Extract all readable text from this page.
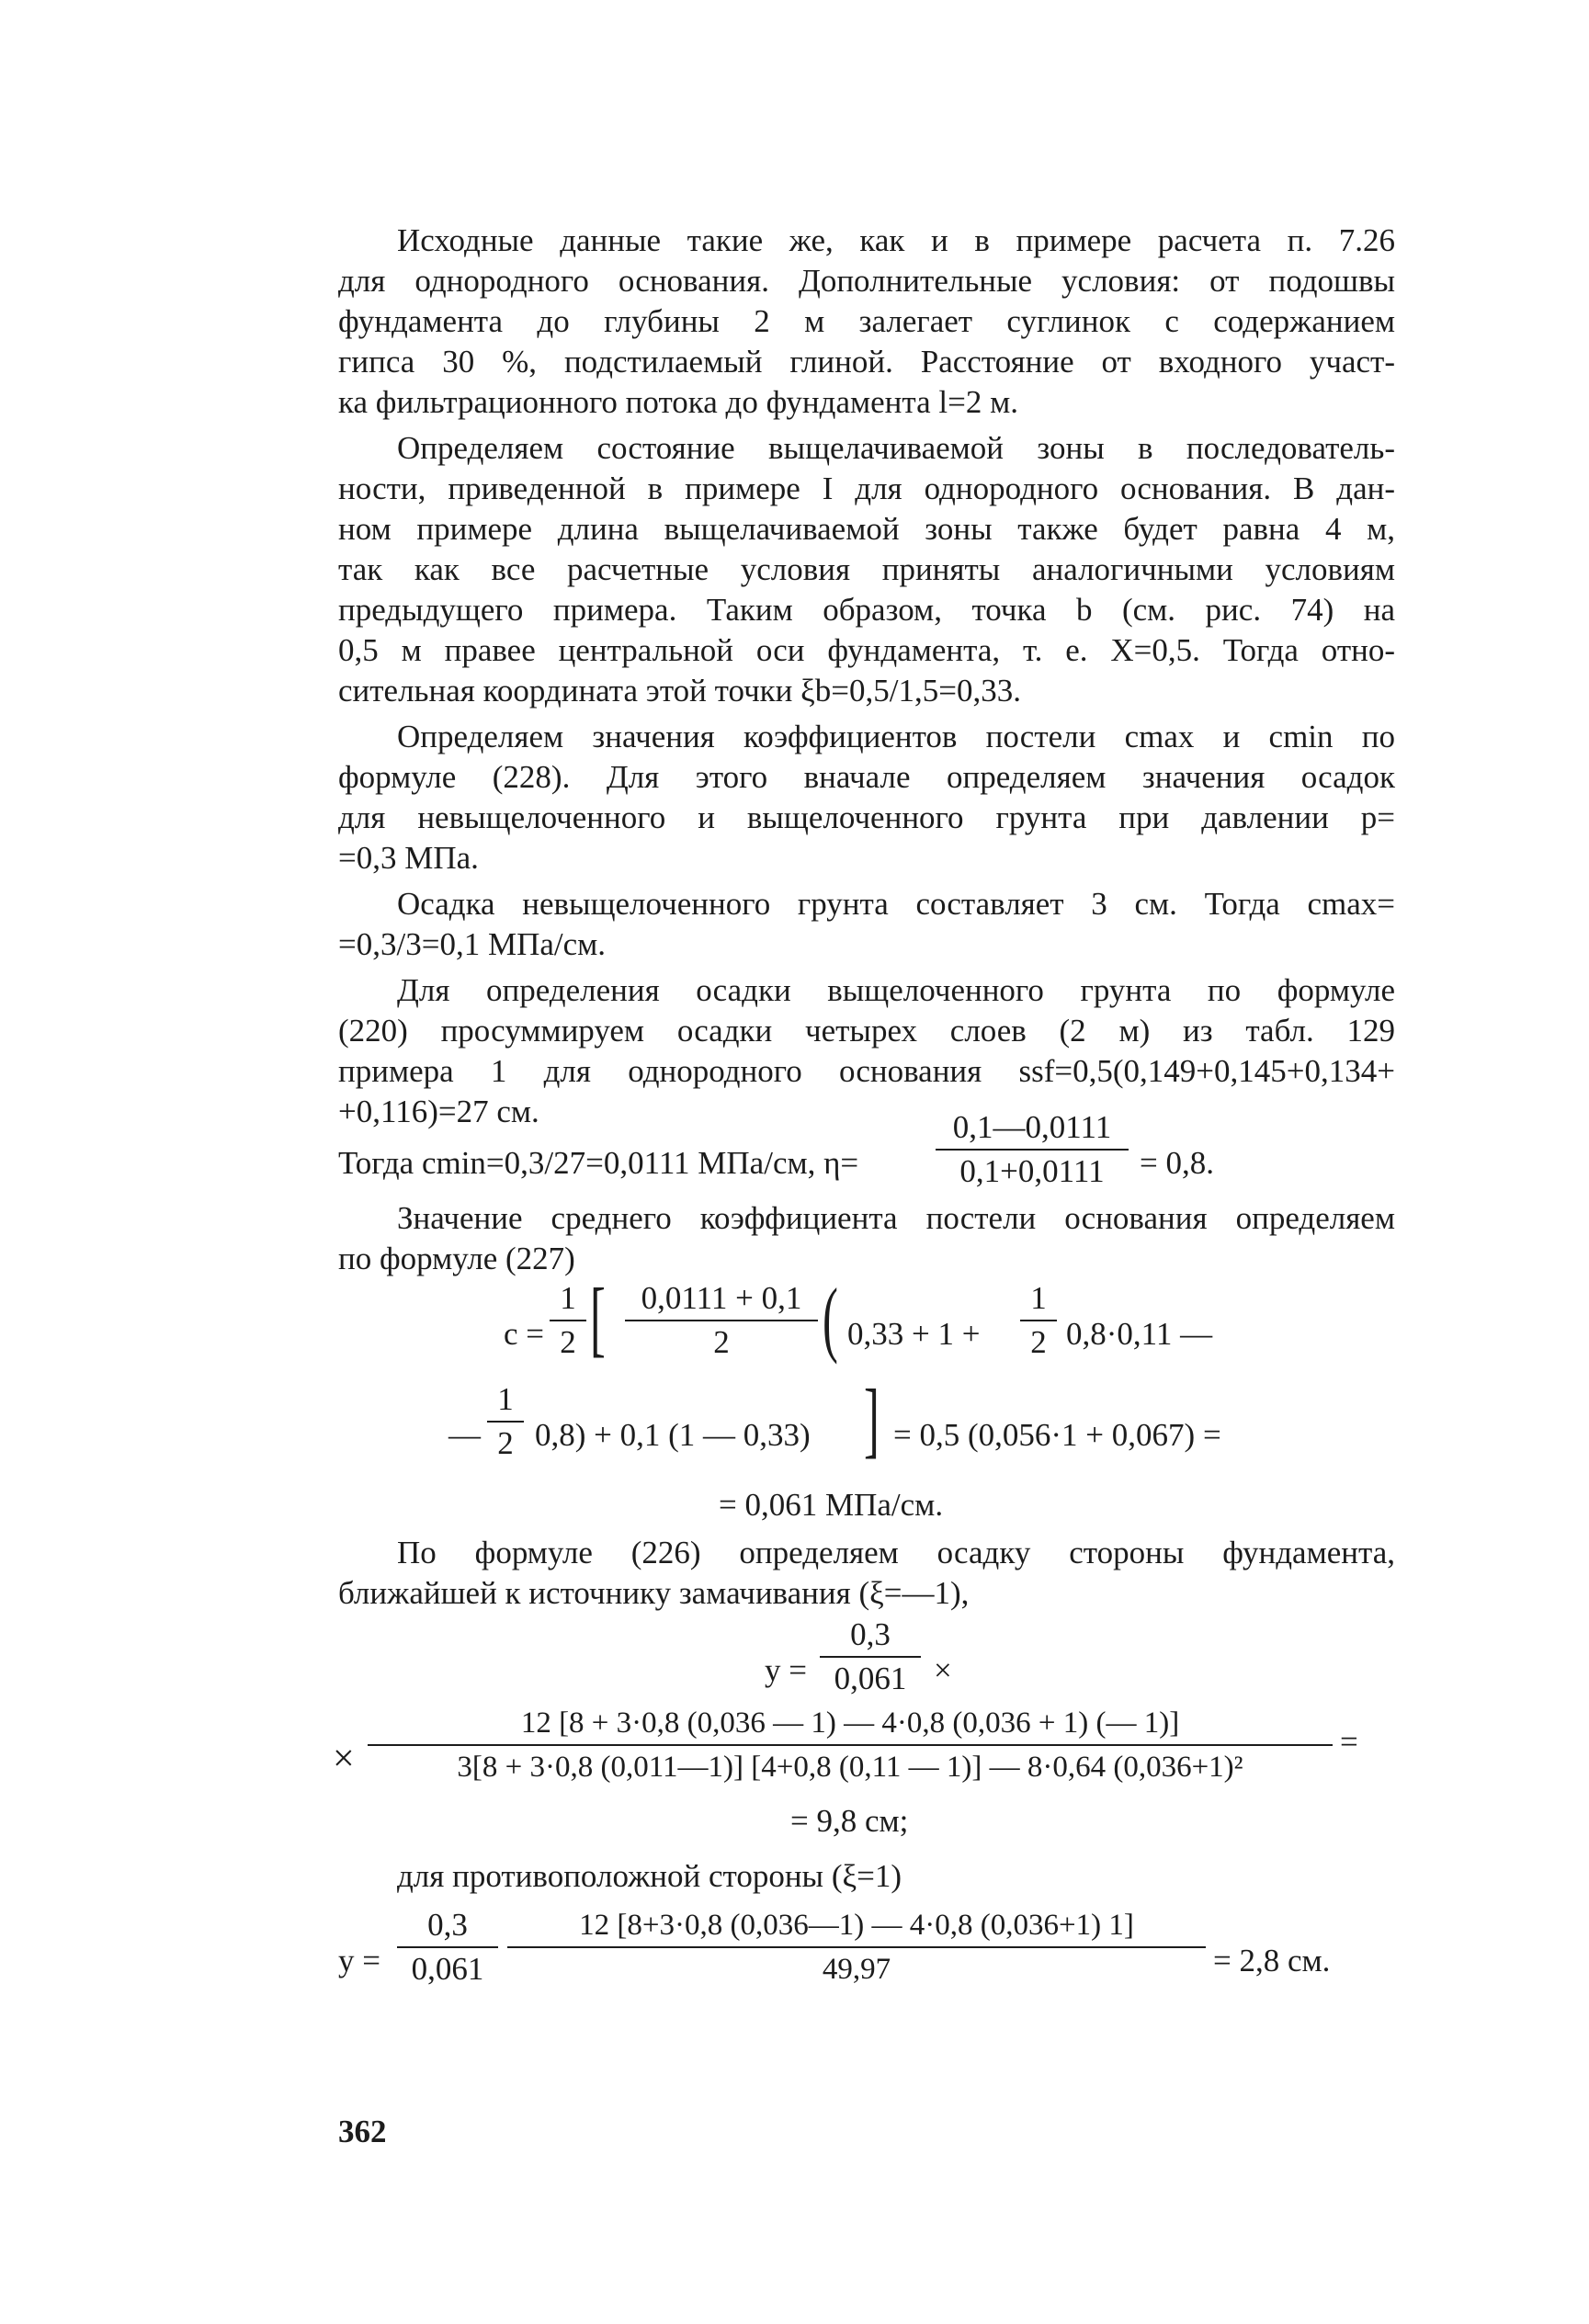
Исходные данные такие же, как и в примере расчета п. 7.26
для однородного основания. Дополнительные условия: от подошвы
фундамента до глубины 2 м залегает суглинок с содержанием
гипса 30 %, подстилаемый глиной. Расстояние от входного участ-
ка фильтрационного потока до фундамента l=2 м.
Определяем состояние выщелачиваемой зоны в последователь-
ности, приведенной в примере I для однородного основания. В дан-
ном примере длина выщелачиваемой зоны также будет равна 4 м,
так как все расчетные условия приняты аналогичными условиям
предыдущего примера. Таким образом, точка b (см. рис. 74) на
0,5 м правее центральной оси фундамента, т. е. X=0,5. Тогда отно-
сительная координата этой точки ξb=0,5/1,5=0,33.
Определяем значения коэффициентов постели cmax и cmin по
формуле (228). Для этого вначале определяем значения осадок
для невыщелоченного и выщелоченного грунта при давлении p=
=0,3 МПа.
Осадка невыщелоченного грунта составляет 3 см. Тогда cmax=
=0,3/3=0,1 МПа/см.
Для определения осадки выщелоченного грунта по формуле
(220) просуммируем осадки четырех слоев (2 м) из табл. 129
примера 1 для однородного основания ssf=0,5(0,149+0,145+0,134+
+0,116)=27 см.
Тогда cmin=0,3/27=0,0111 МПа/см, $\eta= \frac{0,1—0,0111}{0,1+0,0111} = 0,8$.
Значение среднего коэффициента постели основания определяем
по формуле (227)
$c = \frac{1}{2}$ [ $\frac{0,0111 + 0,1}{2}$ ( $0,33 + 1 + \frac{1}{2} 0,8\cdot 0,11$ —
— $\frac{1}{2} 0,8) + 0,1$ (1 — 0,33) ] = 0,5 (0,056·1 + 0,067) =
= 0,061 МПа/см.
По формуле (226) определяем осадку стороны фундамента,
ближайшей к источнику замачивания (ξ=—1),
$y = \frac{0,3}{0,061}$ ×
×
12 [8 + 3·0,8 (0,036 — 1) — 4·0,8 (0,036 + 1) (— 1)]
3[8 + 3·0,8 (0,011—1)] [4+0,8 (0,11 — 1)] — 8·0,64 (0,036+1)²
=
= 9,8 см;
для противоположной стороны (ξ=1)
$y = \frac{0,3}{0,061} \frac{12 [8+3\cdot 0,8 (0,036—1) — 4\cdot 0,8 (0,036+1) 1]}{49,97} = 2,8$ см.
362
